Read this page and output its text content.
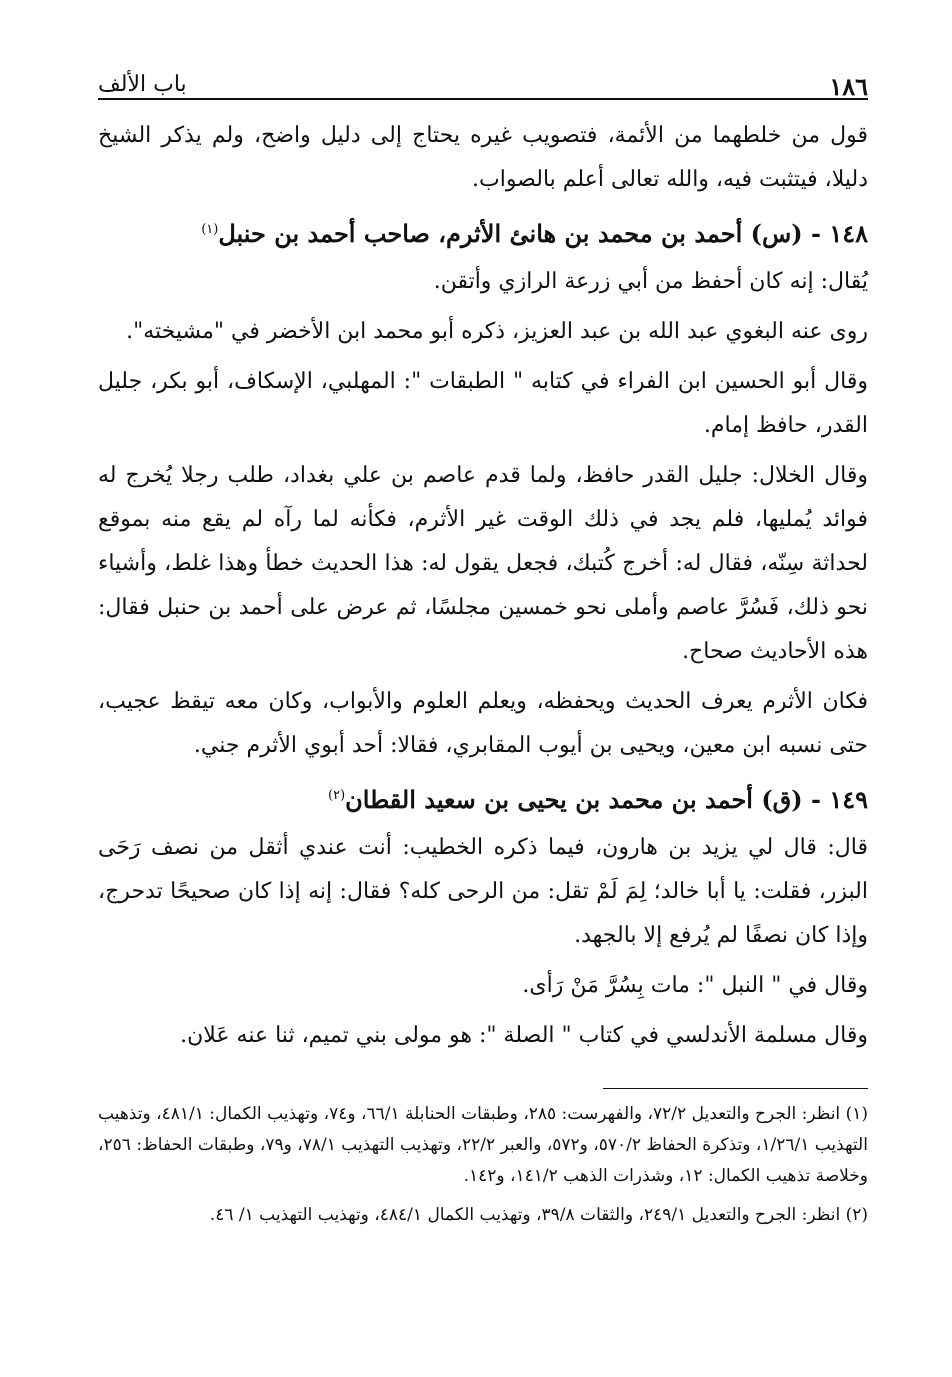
١٨٦
باب الألف

قول من خلطهما من الأئمة، فتصويب غيره يحتاج إلى دليل واضح، ولم يذكر الشيخ دليلا، فيتثبت فيه، والله تعالى أعلم بالصواب.

١٤٨ - (س) أحمد بن محمد بن هانئ الأثرم، صاحب أحمد بن حنبل$^{(١)}$

يُقال: إنه كان أحفظ من أبي زرعة الرازي وأتقن.

روى عنه البغوي عبد الله بن عبد العزيز، ذكره أبو محمد ابن الأخضر في "مشيخته".

وقال أبو الحسين ابن الفراء في كتابه " الطبقات ": المهلبي، الإسكاف، أبو بكر، جليل القدر، حافظ إمام.

وقال الخلال: جليل القدر حافظ، ولما قدم عاصم بن علي بغداد، طلب رجلا يُخرج له فوائد يُمليها، فلم يجد في ذلك الوقت غير الأثرم، فكأنه لما رآه لم يقع منه بموقع لحداثة سِنّه، فقال له: أخرج كُتبك، فجعل يقول له: هذا الحديث خطأ وهذا غلط، وأشياء نحو ذلك، فَسُرَّ عاصم وأملى نحو خمسين مجلسًا، ثم عرض على أحمد بن حنبل فقال: هذه الأحاديث صحاح.

فكان الأثرم يعرف الحديث ويحفظه، ويعلم العلوم والأبواب، وكان معه تيقظ عجيب، حتى نسبه ابن معين، ويحيى بن أيوب المقابري، فقالا: أحد أبوي الأثرم جني.

١٤٩ - (ق) أحمد بن محمد بن يحيى بن سعيد القطان$^{(٢)}$

قال: قال لي يزيد بن هارون، فيما ذكره الخطيب: أنت عندي أثقل من نصف رَحَى البزر، فقلت: يا أبا خالد؛ لِمَ لَمْ تقل: من الرحى كله؟ فقال: إنه إذا كان صحيحًا تدحرج، وإذا كان نصفًا لم يُرفع إلا بالجهد.

وقال في " النبل ": مات بِسُرَّ مَنْ رَأى.

وقال مسلمة الأندلسي في كتاب " الصلة ": هو مولى بني تميم، ثنا عنه عَلان.

(١) انظر: الجرح والتعديل ٧٢/٢، والفهرست: ٢٨٥، وطبقات الحنابلة ٦٦/١، و٧٤، وتهذيب الكمال: ٤٨١/١، وتذهيب التهذيب ١/٢٦/١، وتذكرة الحفاظ ٥٧٠/٢، و٥٧٢، والعبر ٢٢/٢، وتهذيب التهذيب ٧٨/١، و٧٩، وطبقات الحفاظ: ٢٥٦، وخلاصة تذهيب الكمال: ١٢، وشذرات الذهب ١٤١/٢، و١٤٢.

(٢) انظر: الجرح والتعديل ٢٤٩/١، والثقات ٣٩/٨، وتهذيب الكمال ٤٨٤/١، وتهذيب التهذيب ١/ ٤٦.
